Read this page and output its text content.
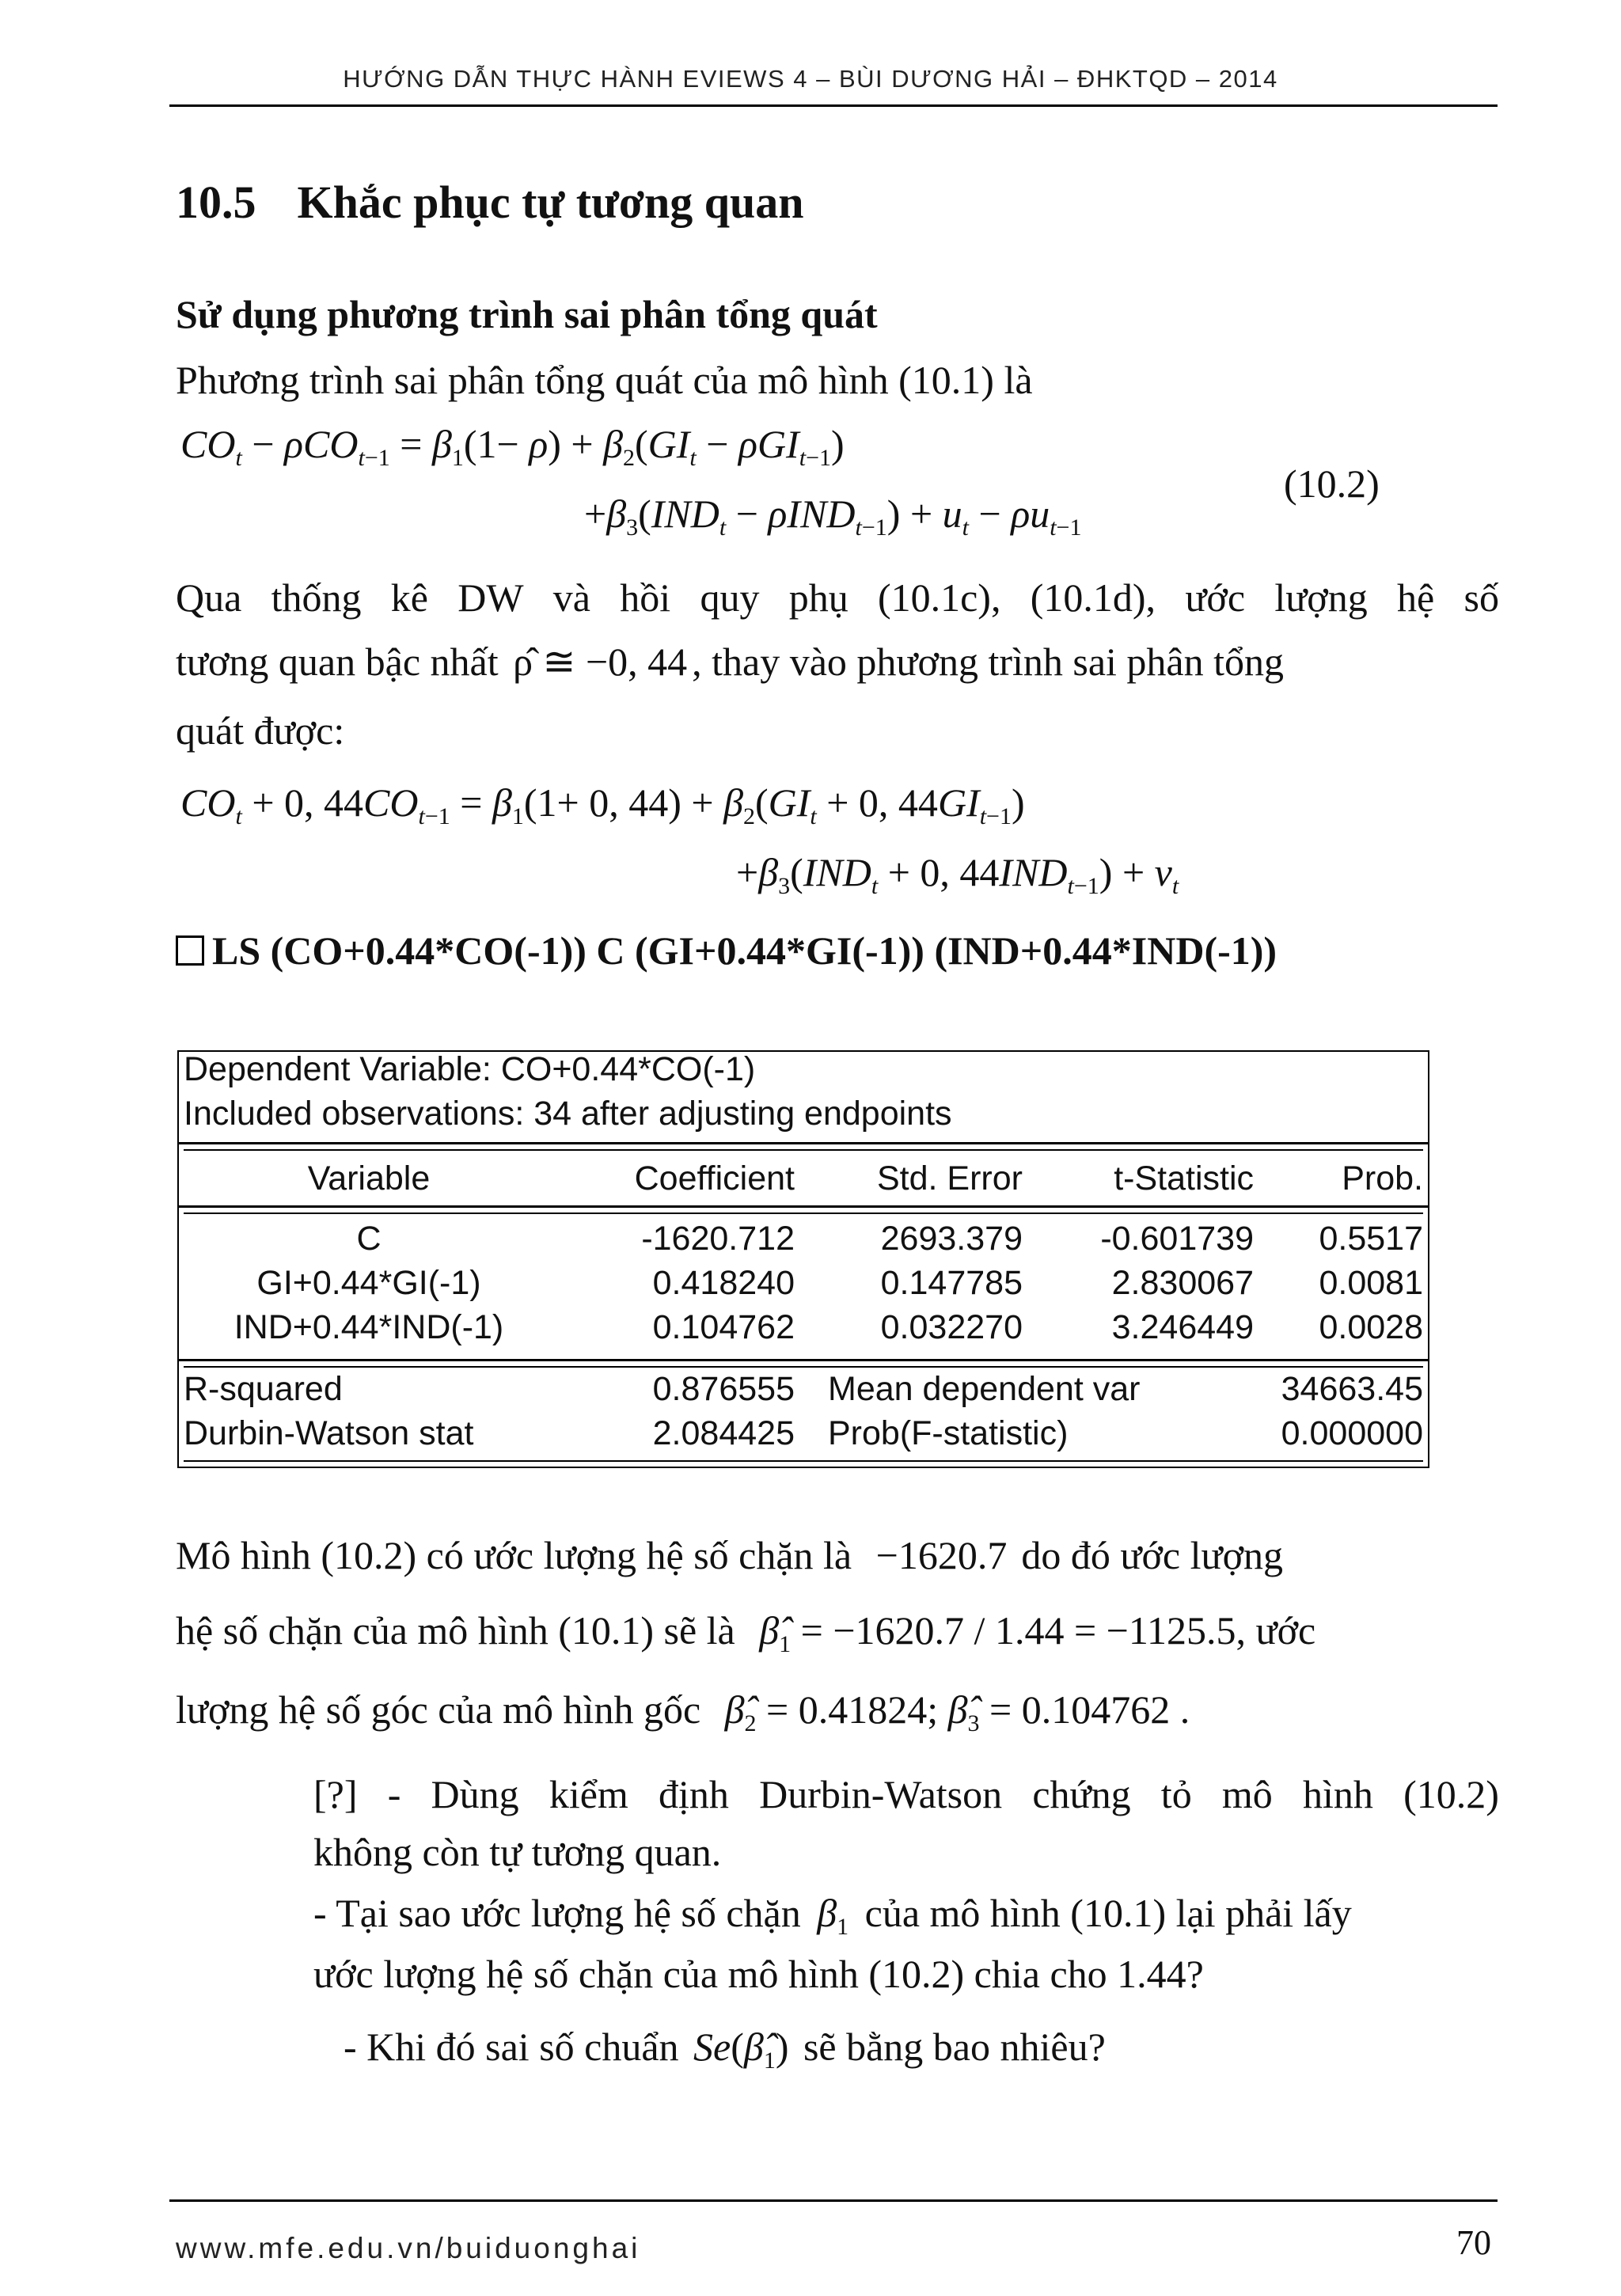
HƯỚNG DẪN THỰC HÀNH EVIEWS 4 – BÙI DƯƠNG HẢI – ĐHKTQD – 2014
10.5 Khắc phục tự tương quan
Sử dụng phương trình sai phân tổng quát
Phương trình sai phân tổng quát của mô hình (10.1) là
$CO_t - \rho CO_{t-1} = \beta_1(1- \rho) + \beta_2(GI_t - \rho GI_{t-1})$
$+\beta_3(IND_t - \rho IND_{t-1}) + u_t - \rho u_{t-1}$
(10.2)
Qua thống kê DW và hồi quy phụ (10.1c), (10.1d), ước lượng hệ số
tương quan bậc nhất ρ̂ ≅ −0, 44 , thay vào phương trình sai phân tổng
quát được:
$CO_t + 0$, $44CO_{t-1} = \beta_1(1+ 0$, $44) + \beta_2(GI_t + 0$, $44GI_{t-1}$)
$+\beta_3(IND_t + 0$, $44IND_{t-1}) + v_t$
LS (CO+0.44*CO(-1)) C (GI+0.44*GI(-1)) (IND+0.44*IND(-1))
Dependent Variable: CO+0.44*CO(-1)
Included observations: 34 after adjusting endpoints
Variable	Coefficient	Std. Error	t-Statistic	Prob.
C	-1620.712	2693.379	-0.601739	0.5517
GI+0.44*GI(-1)	0.418240	0.147785	2.830067	0.0081
IND+0.44*IND(-1)	0.104762	0.032270	3.246449	0.0028
R-squared	0.876555 Mean dependent var	34663.45
Durbin-Watson stat	2.084425 Prob(F-statistic)	0.000000
Mô hình (10.2) có ước lượng hệ số chặn là −1620.7 do đó ước lượng
hệ số chặn của mô hình (10.1) sẽ là $\betâ_1 = -1620.7 / 1.44 = -1125.5$, ước
lượng hệ số góc của mô hình gốc $\betâ_2 = 0.41824$; $\betâ_3 = 0.104762$ .
[?] - Dùng kiểm định Durbin-Watson chứng tỏ mô hình (10.2)
không còn tự tương quan.
- Tại sao ước lượng hệ số chặn $\beta_1$ của mô hình (10.1) lại phải lấy
ước lượng hệ số chặn của mô hình (10.2) chia cho 1.44?
- Khi đó sai số chuẩn $Se(\betâ_1)$ sẽ bằng bao nhiêu?
www.mfe.edu.vn/buiduonghai	70
